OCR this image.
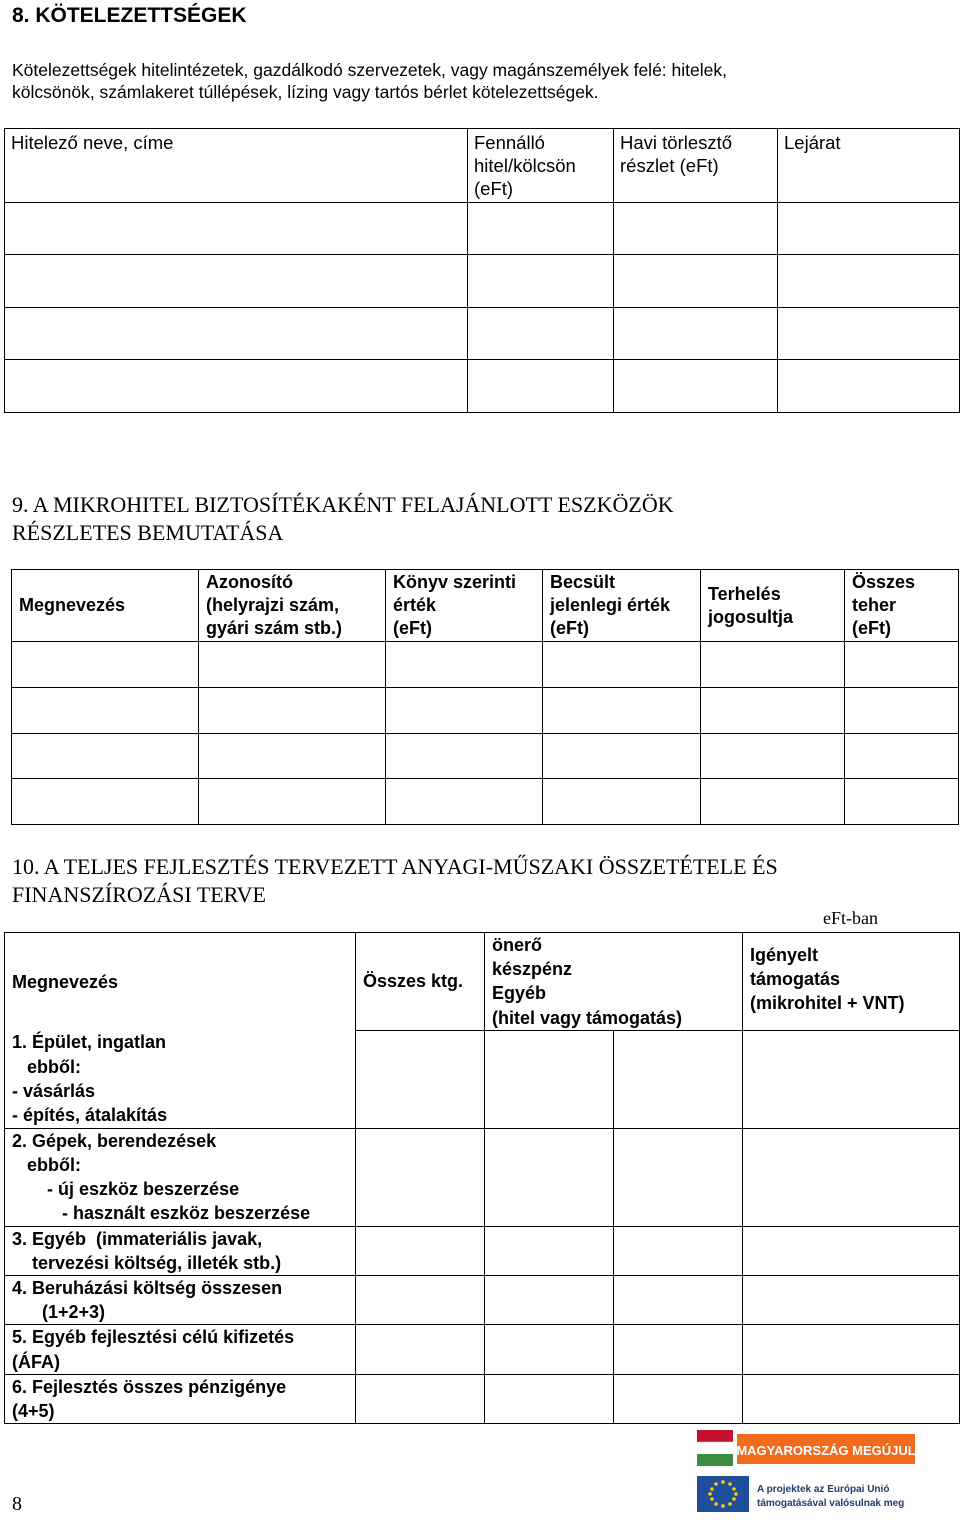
8. KÖTELEZETTSÉGEK
Kötelezettségek hitelintézetek, gazdálkodó szervezetek, vagy magánszemélyek felé: hitelek,
kölcsönök, számlakeret túllépések, lízing vagy tartós bérlet kötelezettségek.
Hitelező neve, címe	Fennálló
hitel/kölcsön
(eFt)	Havi törlesztő
részlet (eFt)	Lejárat

9. A MIKROHITEL BIZTOSÍTÉKAKÉNT FELAJÁNLOTT ESZKÖZÖK
RÉSZLETES BEMUTATÁSA
Megnevezés	Azonosító
(helyrajzi szám,
gyári szám stb.)	Könyv szerinti
érték
(eFt)	Becsült
jelenlegi érték
(eFt)	Terhelés
jogosultja	Összes
teher
(eFt)

10. A TELJES FEJLESZTÉS TERVEZETT ANYAGI-MŰSZAKI ÖSSZETÉTELE ÉS
FINANSZÍROZÁSI TERVE
eFt-ban
Megnevezés	Összes ktg.	önerő
készpénz
Egyéb
(hitel vagy támogatás)		Igényelt
támogatás
(mikrohitel + VNT)

1. Épület, ingatlan
ebből:
- vásárlás
- építés, átalakítás				

2. Gépek, berendezések
ebből:
- új eszköz beszerzése
- használt eszköz beszerzése				

3. Egyéb  (immateriális javak,
tervezési költség, illeték stb.)				

4. Beruházási költség összesen
(1+2+3)				

5. Egyéb fejlesztési célú kifizetés
(ÁFA)				

6. Fejlesztés összes pénzigénye
(4+5)				

8
MAGYARORSZÁG MEGÚJUL
A projektek az Európai Unió
támogatásával valósulnak meg
